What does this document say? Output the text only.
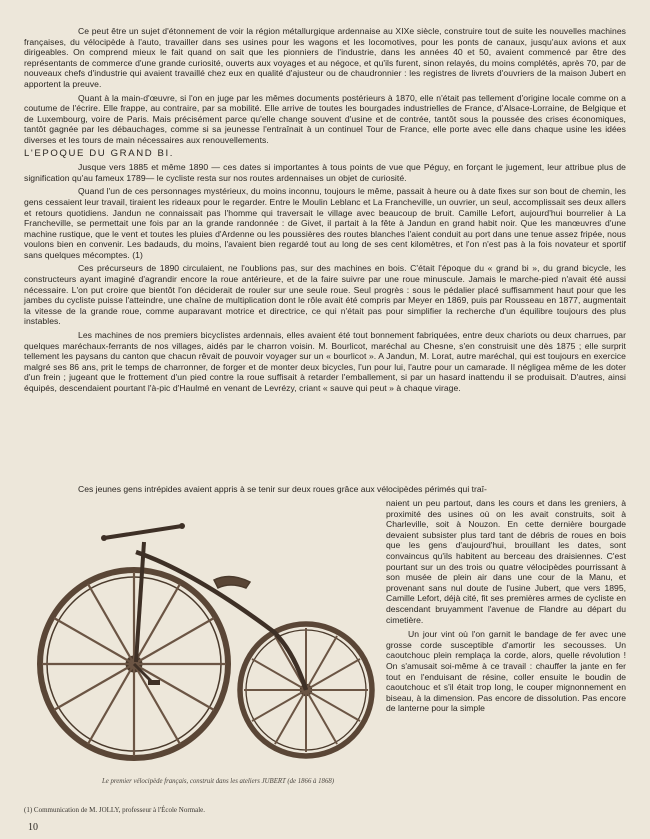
Ce peut être un sujet d'étonnement de voir la région métallurgique ardennaise au XIXe siècle, construire tout de suite les nouvelles machines françaises, du vélocipède à l'auto, travailler dans ses usines pour les wagons et les locomotives, pour les ponts de canaux, jusqu'aux avions et aux dirigeables. On comprend mieux le fait quand on sait que les pionniers de l'industrie, dans les années 40 et 50, avaient commencé par être des représentants de commerce d'une grande curiosité, ouverts aux voyages et au négoce, et qu'ils furent, sinon relayés, du moins complétés, après 70, par de nouveaux chefs d'industrie qui avaient travaillé chez eux en qualité d'ajusteur ou de chaudronnier : les registres de livrets d'ouvriers de la maison Jubert en apportent la preuve.

Quant à la main-d'œuvre, si l'on en juge par les mêmes documents postérieurs à 1870, elle n'était pas tellement d'origine locale comme on a coutume de l'écrire. Elle frappe, au contraire, par sa mobilité. Elle arrive de toutes les bourgades industrielles de France, d'Alsace-Lorraine, de Belgique et de Luxembourg, voire de Paris. Mais précisément parce qu'elle change souvent d'usine et de contrée, tantôt sous la poussée des crises économiques, tantôt gagnée par les débauchages, comme si sa jeunesse l'entraînait à un continuel Tour de France, elle porte avec elle dans chaque usine les idées diverses et les tours de main nécessaires aux renouvellements.

L'EPOQUE DU GRAND BI.

Jusque vers 1885 et même 1890 — ces dates si importantes à tous points de vue que Péguy, en forçant le jugement, leur attribue plus de signification qu'au fameux 1789— le cycliste resta sur nos routes ardennaises un objet de curiosité.

Quand l'un de ces personnages mystérieux, du moins inconnu, toujours le même, passait à heure ou à date fixes sur son bout de chemin, les gens cessaient leur travail, tiraient les rideaux pour le regarder. Entre le Moulin Leblanc et La Francheville, un ouvrier, un seul, accomplissait ses deux allers et retours quotidiens. Jandun ne connaissait pas l'homme qui traversait le village avec beaucoup de bruit. Camille Lefort, aujourd'hui bourrelier à La Francheville, se permettait une fois par an la grande randonnée : de Givet, il partait à la fête à Jandun en grand habit noir. Que les manœuvres d'une machine rustique, que le vent et toutes les pluies d'Ardenne ou les poussières des routes blanches l'aient conduit au port dans une tenue assez fripée, nous voulons bien en convenir. Les badauds, du moins, l'avaient bien regardé tout au long de ses cent kilomètres, et l'on n'est pas à la fois novateur et sportif sans quelques mécomptes. (1)

Ces précurseurs de 1890 circulaient, ne l'oublions pas, sur des machines en bois. C'était l'époque du « grand bi », du grand bicycle, les constructeurs ayant imaginé d'agrandir encore la roue antérieure, et de la faire suivre par une roue minuscule. Jamais le marche-pied n'avait été aussi nécessaire. L'on put croire que bientôt l'on déciderait de rouler sur une seule roue. Seul progrès : sous le pédalier placé suffisamment haut pour que les jambes du cycliste puisse l'atteindre, une chaîne de multiplication dont le rôle avait été compris par Meyer en 1869, puis par Rousseau en 1877, augmentait la vitesse de la grande roue, comme auparavant motrice et directrice, ce qui n'était pas pour simplifier la recherche d'un équilibre toujours des plus instables.

Les machines de nos premiers bicyclistes ardennais, elles avaient été tout bonnement fabriquées, entre deux chariots ou deux charrues, par quelques maréchaux-ferrants de nos villages, aidés par le charron voisin. M. Bourlicot, maréchal au Chesne, s'en construisit une dès 1875 ; elle surprit tellement les paysans du canton que chacun rêvait de pouvoir voyager sur un « bourlicot ». A Jandun, M. Lorat, autre maréchal, qui est toujours en exercice malgré ses 86 ans, prit le temps de charronner, de forger et de monter deux bicycles, l'un pour lui, l'autre pour un camarade. Il négligea même de les doter d'un frein ; jugeant que le frottement d'un pied contre la roue suffisait à retarder l'emballement, si par un hasard inattendu il se produisait. D'autres, ainsi équipés, descendaient pourtant l'à-pic d'Haulmé en venant de Levrézy, criant « sauve qui peut » à chaque virage.

Ces jeunes gens intrépides avaient appris à se tenir sur deux roues grâce aux vélocipèdes périmés qui traî-
Le premier vélocipède français, construit dans les ateliers JUBERT (de 1866 à 1868)

naient un peu partout, dans les cours et dans les greniers, à proximité des usines où on les avait construits, soit à Charleville, soit à Nouzon. En cette dernière bourgade devaient subsister plus tard tant de débris de roues en bois que les gens d'aujourd'hui, brouillant les dates, sont convaincus qu'ils habitent au berceau des draisiennes. C'est pourtant sur un des trois ou quatre vélocipèdes pourrissant à son musée de plein air dans une cour de la Manu, et provenant sans nul doute de l'usine Jubert, que vers 1895, Camille Lefort, déjà cité, fit ses premières armes de cycliste en descendant bruyamment l'avenue de Flandre au départ du cimetière.

Un jour vint où l'on garnit le bandage de fer avec une grosse corde susceptible d'amortir les secousses. Un caoutchouc plein remplaça la corde, alors, quelle révolution ! On s'amusait soi-même à ce travail : chauffer la jante en fer tout en l'enduisant de résine, coller ensuite le boudin de caoutchouc et s'il était trop long, le couper mignonnement en biseau, à la dimension. Pas encore de dissolution. Pas encore de lanterne pour la simple

(1) Communication de M. JOLLY, professeur à l'École Normale.
10
